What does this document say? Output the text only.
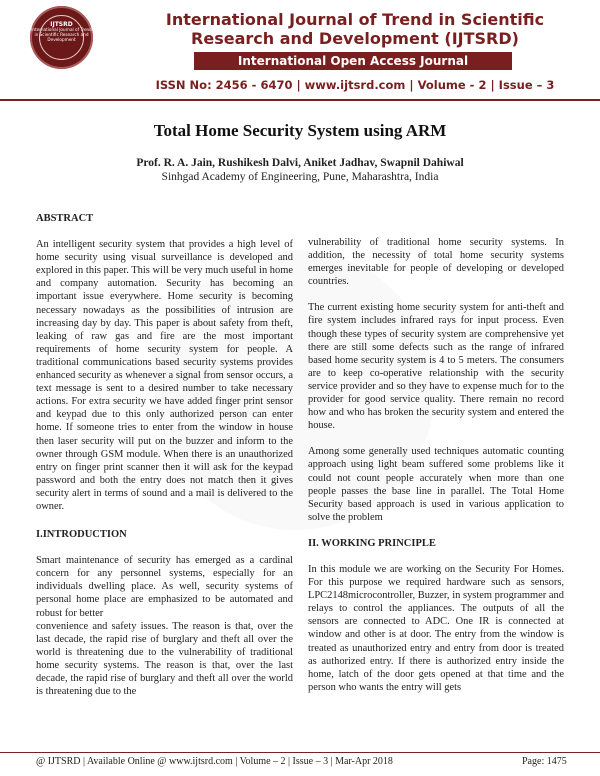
IJTSRD
International Journal of Trend in Scientific Research and Development
International Journal of Trend in Scientific
Research and Development (IJTSRD)
International Open Access Journal
ISSN No: 2456 - 6470 | www.ijtsrd.com | Volume - 2 | Issue – 3
Total Home Security System using ARM
Prof. R. A. Jain, Rushikesh Dalvi, Aniket Jadhav, Swapnil Dahiwal
Sinhgad Academy of Engineering, Pune, Maharashtra, India

ABSTRACT

An intelligent security system that provides a high level of home security using visual surveillance is developed and explored in this paper. This will be very much useful in home and company automation. Security has becoming an important issue everywhere. Home security is becoming necessary nowadays as the possibilities of intrusion are increasing day by day. This paper is about safety from theft, leaking of raw gas and fire are the most important requirements of home security system for people. A traditional communications based security systems provides enhanced security as whenever a signal from sensor occurs, a text message is sent to a desired number to take necessary actions. For extra security we have added finger print sensor and keypad due to this only authorized person can enter home. If someone tries to enter from the window in house then laser security will put on the buzzer and inform to the owner through GSM module. When there is an unauthorized entry on finger print scanner then it will ask for the keypad password and both the entry does not match then it gives security alert in terms of sound and a mail is delivered to the owner.

I.INTRODUCTION

Smart maintenance of security has emerged as a cardinal concern for any personnel systems, especially for an individuals dwelling place. As well, security systems of personal home place are emphasized to be automated and robust for better

convenience and safety issues. The reason is that, over the last decade, the rapid rise of burglary and theft all over the world is threatening due to the vulnerability of traditional home security systems. The reason is that, over the last decade, the rapid rise of burglary and theft all over the world is threatening due to the

vulnerability of traditional home security systems. In addition, the necessity of total home security systems emerges inevitable for people of developing or developed countries.

The current existing home security system for anti-theft and fire system includes infrared rays for input process. Even though these types of security system are comprehensive yet there are still some defects such as the range of infrared based home security system is 4 to 5 meters. The consumers are to keep co-operative relationship with the security service provider and so they have to expense much for to the provider for good service quality. There remain no record how and who has broken the security system and entered the house.

Among some generally used techniques automatic counting approach using light beam suffered some problems like it could not count people accurately when more than one people passes the base line in parallel. The Total Home Security based approach is used in various application to solve the problem

II. WORKING PRINCIPLE

In this module we are working on the Security For Homes. For this purpose we required hardware such as sensors, LPC2148microcontroller, Buzzer, in system programmer and relays to control the appliances. The outputs of all the sensors are connected to ADC. One IR is connected at window and other is at door. The entry from the window is treated as unauthorized entry and entry from door is treated as authorized entry. If there is authorized entry inside the home, latch of the door gets opened at that time and the person who wants the entry will gets

@ IJTSRD | Available Online @ www.ijtsrd.com | Volume – 2 | Issue – 3 | Mar-Apr 2018	Page: 1475
